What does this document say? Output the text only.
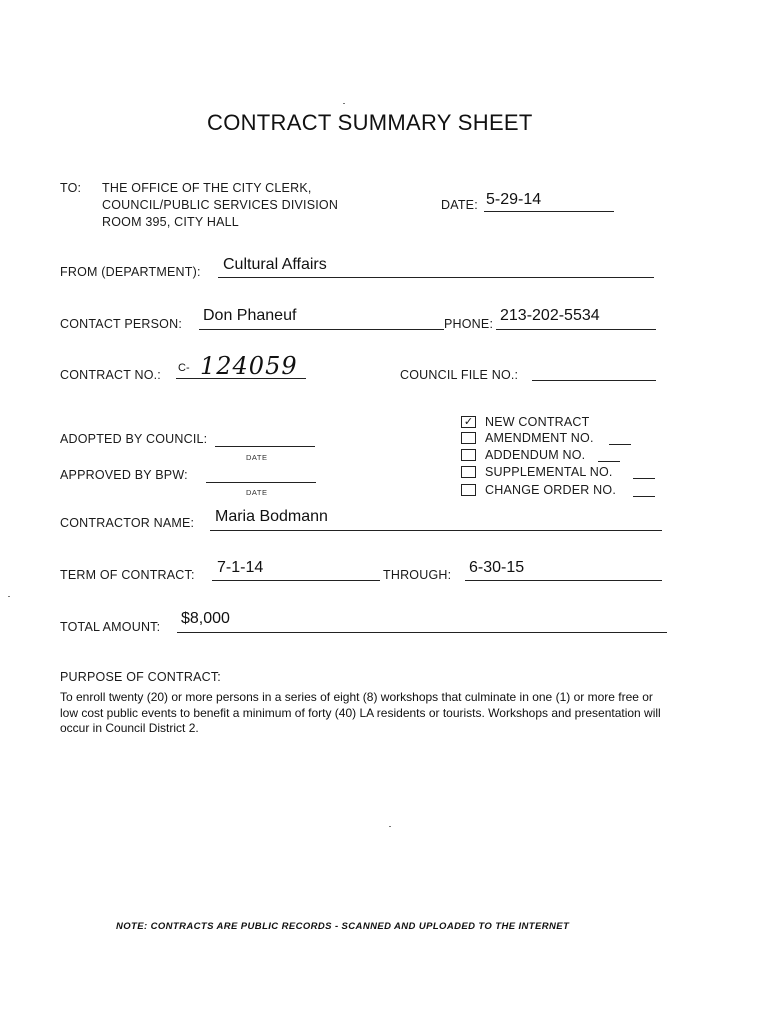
CONTRACT SUMMARY SHEET
TO: THE OFFICE OF THE CITY CLERK,
COUNCIL/PUBLIC SERVICES DIVISION
ROOM 395, CITY HALL
DATE: 5-29-14
FROM (DEPARTMENT): Cultural Affairs
CONTACT PERSON: Don Phaneuf	PHONE: 213-202-5534
CONTRACT NO.: C- 124059	COUNCIL FILE NO.:
ADOPTED BY COUNCIL:
DATE
APPROVED BY BPW:
DATE
✓ NEW CONTRACT
AMENDMENT NO.
ADDENDUM NO.
SUPPLEMENTAL NO.
CHANGE ORDER NO.
CONTRACTOR NAME: Maria Bodmann
TERM OF CONTRACT: 7-1-14	THROUGH: 6-30-15
TOTAL AMOUNT: $8,000
PURPOSE OF CONTRACT:
To enroll twenty (20) or more persons in a series of eight (8) workshops that culminate in one (1) or more free or low cost public events to benefit a minimum of forty (40) LA residents or tourists. Workshops and presentation will occur in Council District 2.
NOTE: CONTRACTS ARE PUBLIC RECORDS - SCANNED AND UPLOADED TO THE INTERNET
